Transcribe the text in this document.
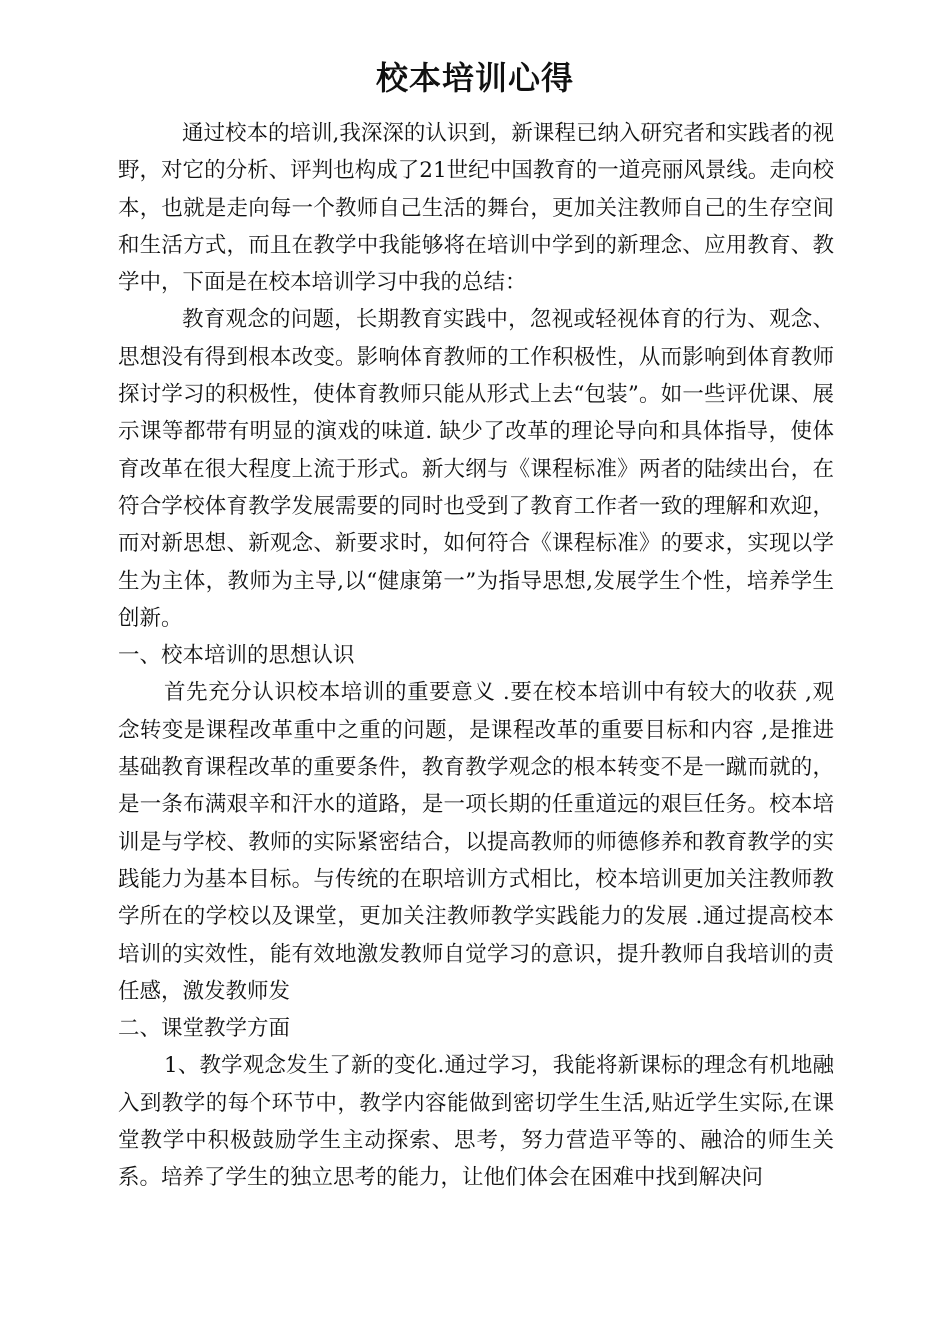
校本培训心得

通过校本的培训,我深深的认识到，新课程已纳入研究者和实践者的视野，对它的分析、评判也构成了21世纪中国教育的一道亮丽风景线。走向校本，也就是走向每一个教师自己生活的舞台，更加关注教师自己的生存空间和生活方式，而且在教学中我能够将在培训中学到的新理念、应用教育、教学中，下面是在校本培训学习中我的总结：

教育观念的问题，长期教育实践中，忽视或轻视体育的行为、观念、思想没有得到根本改变。影响体育教师的工作积极性，从而影响到体育教师探讨学习的积极性，使体育教师只能从形式上去“包装”。如一些评优课、展示课等都带有明显的演戏的味道. 缺少了改革的理论导向和具体指导，使体育改革在很大程度上流于形式。新大纲与《课程标准》两者的陆续出台，在符合学校体育教学发展需要的同时也受到了教育工作者一致的理解和欢迎，而对新思想、新观念、新要求时，如何符合《课程标准》的要求，实现以学生为主体，教师为主导,以“健康第一”为指导思想,发展学生个性，培养学生创新。

一、校本培训的思想认识

首先充分认识校本培训的重要意义 .要在校本培训中有较大的收获 ,观念转变是课程改革重中之重的问题，是课程改革的重要目标和内容 ,是推进基础教育课程改革的重要条件，教育教学观念的根本转变不是一蹴而就的，是一条布满艰辛和汗水的道路，是一项长期的任重道远的艰巨任务。校本培训是与学校、教师的实际紧密结合，以提高教师的师德修养和教育教学的实践能力为基本目标。与传统的在职培训方式相比，校本培训更加关注教师教学所在的学校以及课堂，更加关注教师教学实践能力的发展 .通过提高校本培训的实效性，能有效地激发教师自觉学习的意识，提升教师自我培训的责任感，激发教师发

二、课堂教学方面

1、教学观念发生了新的变化.通过学习，我能将新课标的理念有机地融入到教学的每个环节中，教学内容能做到密切学生生活,贴近学生实际,在课堂教学中积极鼓励学生主动探索、思考，努力营造平等的、融洽的师生关系。培养了学生的独立思考的能力，让他们体会在困难中找到解决问
